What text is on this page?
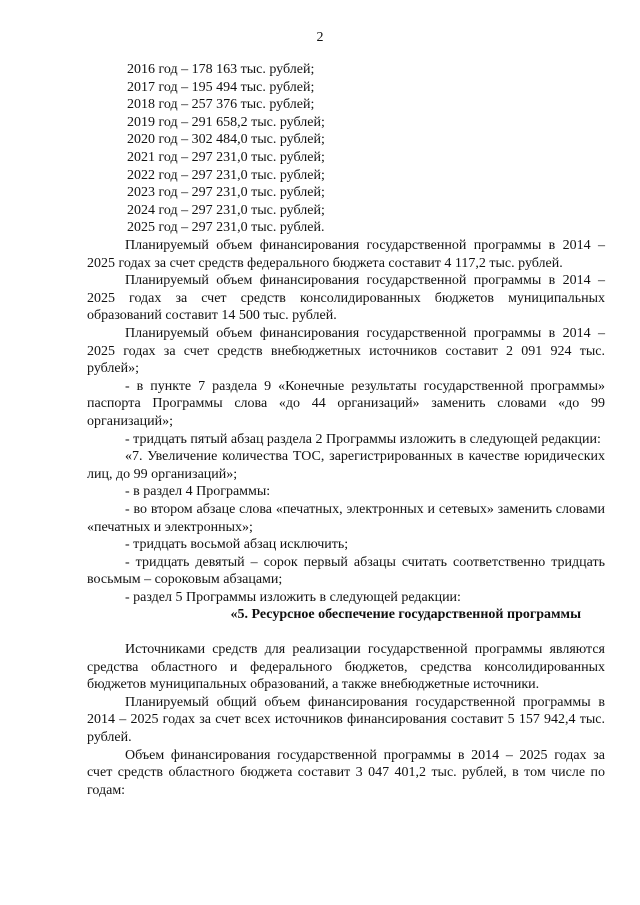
2
2016 год – 178 163 тыс. рублей;
2017 год – 195 494 тыс. рублей;
2018 год – 257 376 тыс. рублей;
2019 год – 291 658,2 тыс. рублей;
2020 год – 302 484,0 тыс. рублей;
2021 год – 297 231,0 тыс. рублей;
2022 год – 297 231,0 тыс. рублей;
2023 год – 297 231,0 тыс. рублей;
2024 год – 297 231,0 тыс. рублей;
2025 год – 297 231,0 тыс. рублей.

Планируемый объем финансирования государственной программы в 2014 – 2025 годах за счет средств федерального бюджета составит 4 117,2 тыс. рублей.

Планируемый объем финансирования государственной программы в 2014 – 2025 годах за счет средств консолидированных бюджетов муниципальных образований составит 14 500 тыс. рублей.

Планируемый объем финансирования государственной программы в 2014 – 2025 годах за счет средств внебюджетных источников составит 2 091 924 тыс. рублей»;

- в пункте 7 раздела 9 «Конечные результаты государственной программы» паспорта Программы слова «до 44 организаций» заменить словами «до 99 организаций»;

- тридцать пятый абзац раздела 2 Программы изложить в следующей редакции:

«7. Увеличение количества ТОС, зарегистрированных в качестве юридических лиц, до 99 организаций»;

- в раздел 4 Программы:

- во втором абзаце слова «печатных, электронных и сетевых» заменить словами «печатных и электронных»;

- тридцать восьмой абзац исключить;

- тридцать девятый – сорок первый абзацы считать соответственно тридцать восьмым – сороковым абзацами;

- раздел 5 Программы изложить в следующей редакции:

«5. Ресурсное обеспечение государственной программы

Источниками средств для реализации государственной программы являются средства областного и федерального бюджетов, средства консолидированных бюджетов муниципальных образований, а также внебюджетные источники.

Планируемый общий объем финансирования государственной программы в 2014 – 2025 годах за счет всех источников финансирования составит 5 157 942,4 тыс. рублей.

Объем финансирования государственной программы в 2014 – 2025 годах за счет средств областного бюджета составит 3 047 401,2 тыс. рублей, в том числе по годам:
